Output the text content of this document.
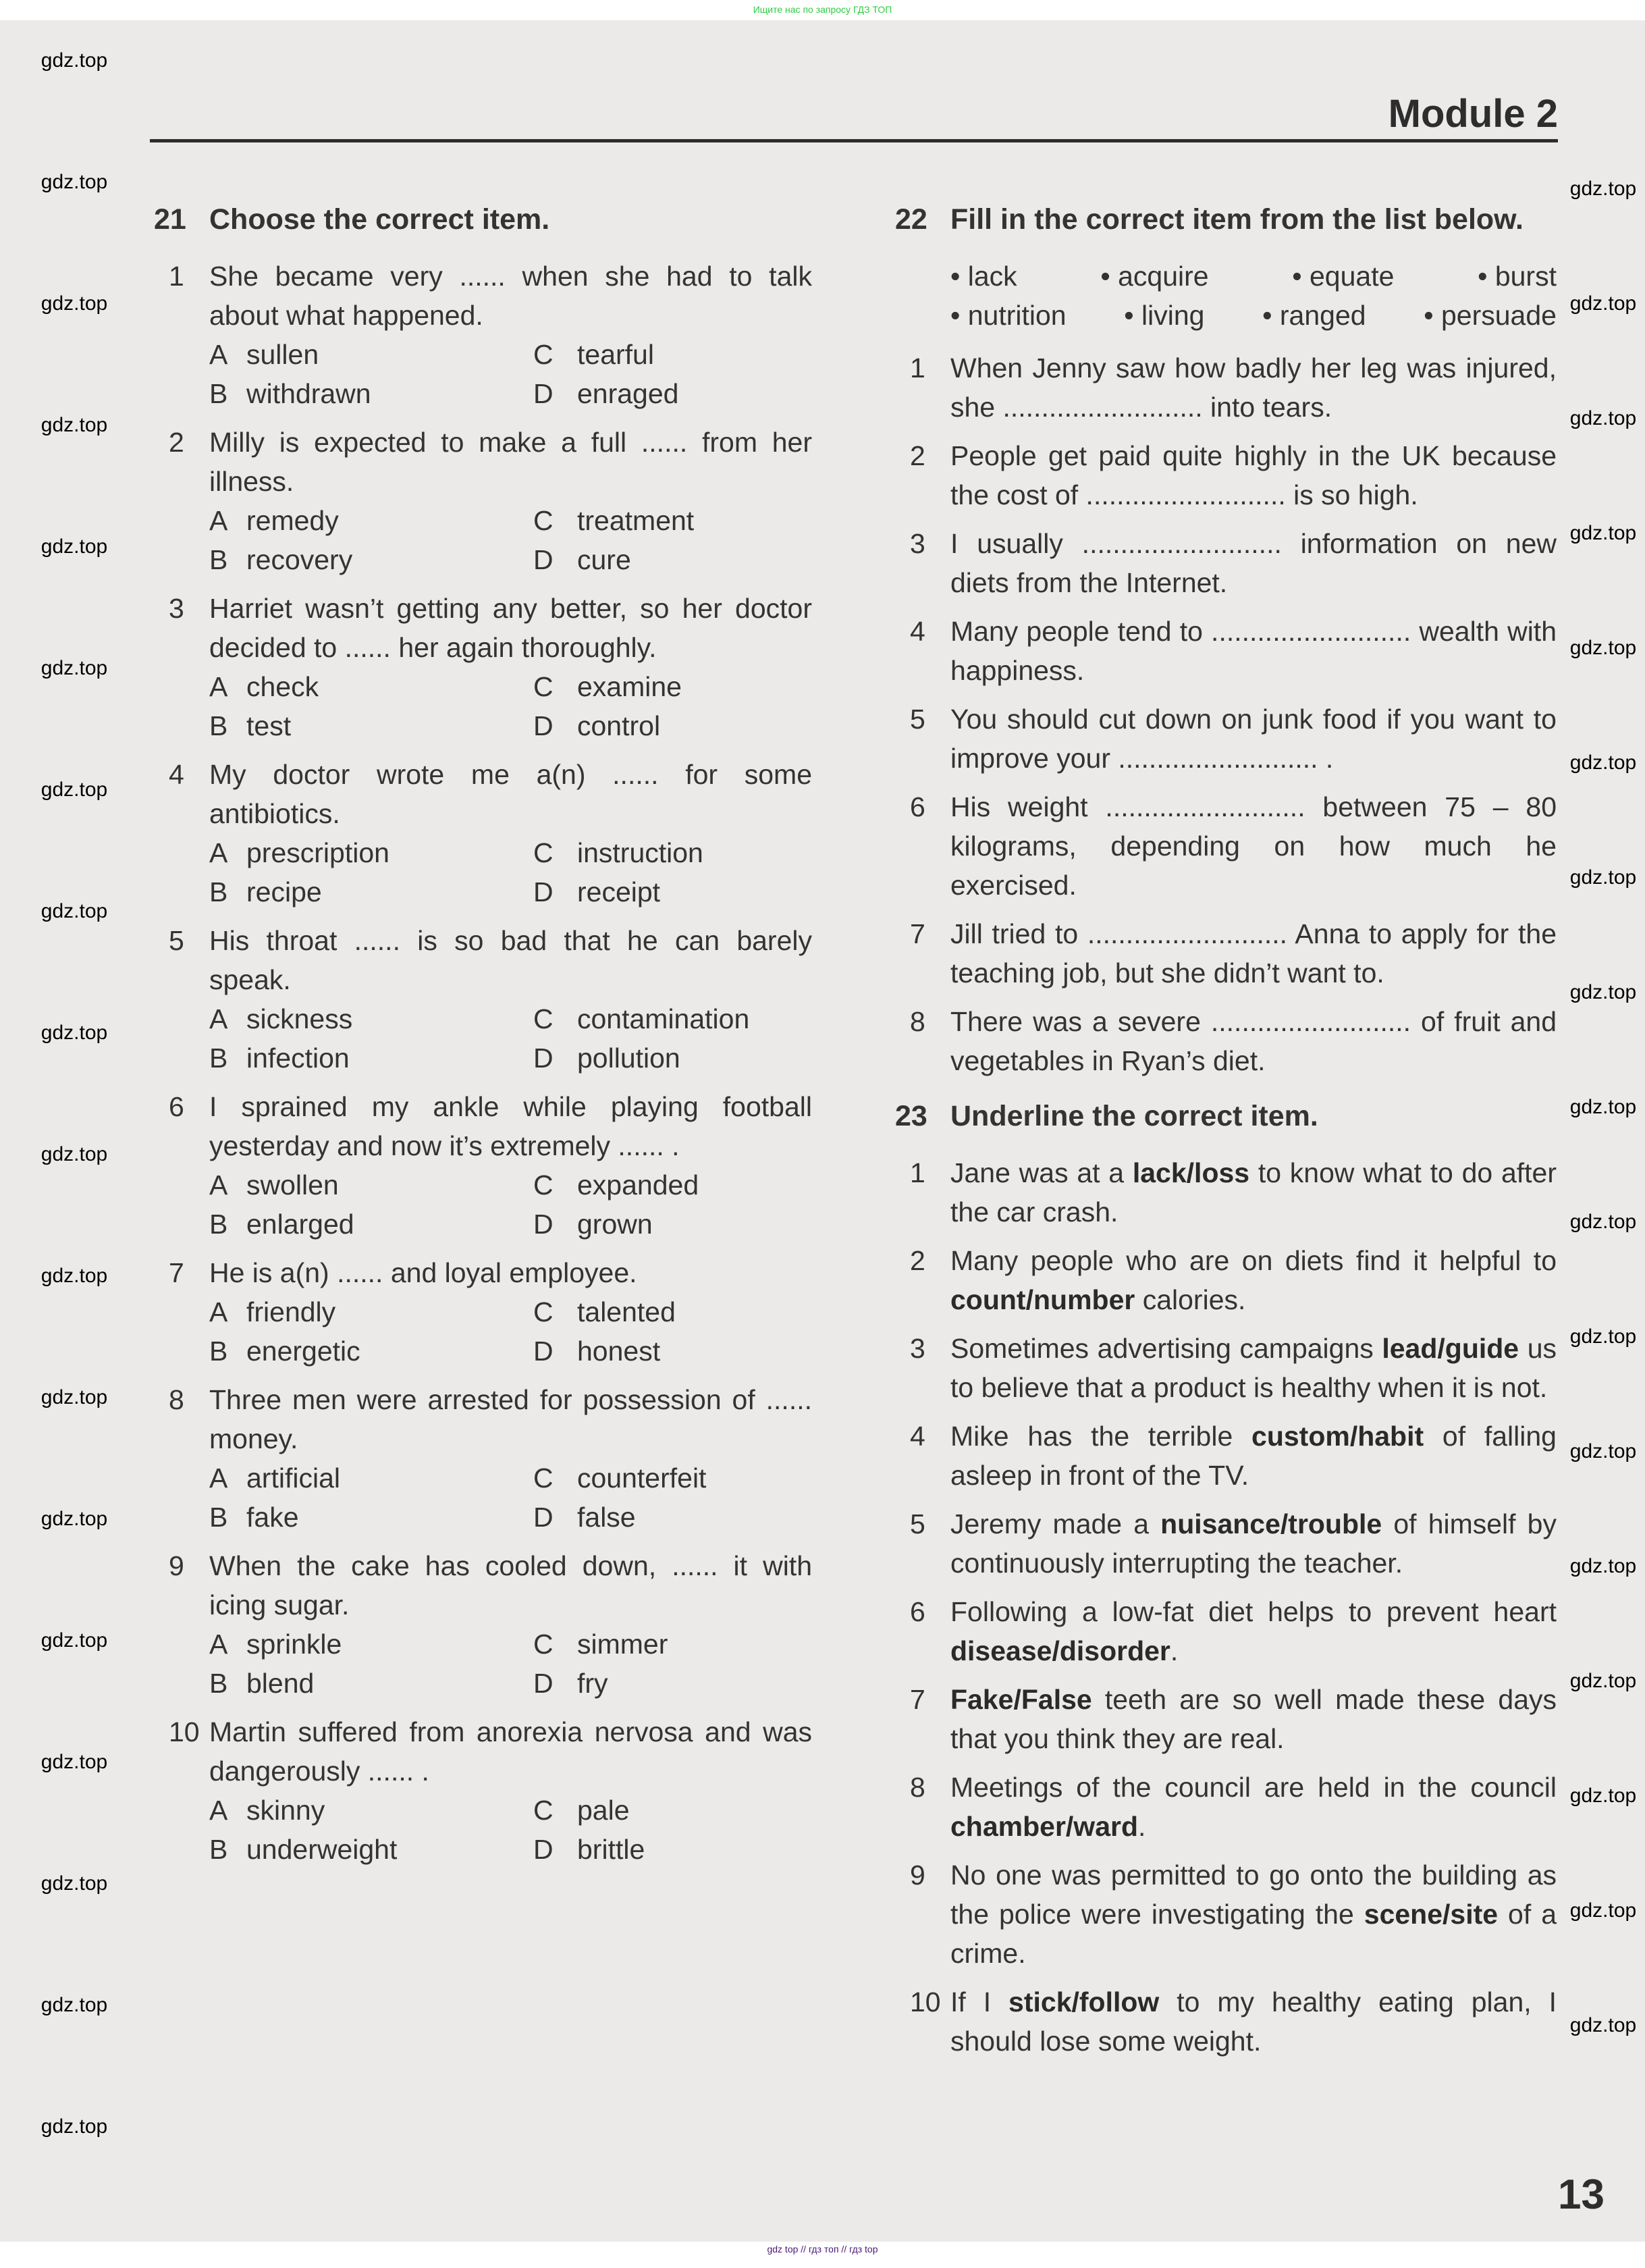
Ищите нас по запросу ГДЗ ТОП
Module 2
21 Choose the correct item.
1 She became very ...... when she had to talk about what happened.
A sullen	C tearful
B withdrawn	D enraged
2 Milly is expected to make a full ...... from her illness.
A remedy	C treatment
B recovery	D cure
3 Harriet wasn’t getting any better, so her doctor decided to ...... her again thoroughly.
A check	C examine
B test	D control
4 My doctor wrote me a(n) ...... for some antibiotics.
A prescription	C instruction
B recipe	D receipt
5 His throat ...... is so bad that he can barely speak.
A sickness	C contamination
B infection	D pollution
6 I sprained my ankle while playing football yesterday and now it’s extremely ...... .
A swollen	C expanded
B enlarged	D grown
7 He is a(n) ...... and loyal employee.
A friendly	C talented
B energetic	D honest
8 Three men were arrested for possession of ...... money.
A artificial	C counterfeit
B fake	D false
9 When the cake has cooled down, ...... it with icing sugar.
A sprinkle	C simmer
B blend	D fry
10 Martin suffered from anorexia nervosa and was dangerously ...... .
A skinny	C pale
B underweight	D brittle
22 Fill in the correct item from the list below.
• lack	• acquire	• equate	• burst
• nutrition • living • ranged • persuade
1 When Jenny saw how badly her leg was injured, she .......................... into tears.
2 People get paid quite highly in the UK because the cost of .......................... is so high.
3 I usually .......................... information on new diets from the Internet.
4 Many people tend to .......................... wealth with happiness.
5 You should cut down on junk food if you want to improve your .......................... .
6 His weight .......................... between 75 – 80 kilograms, depending on how much he exercised.
7 Jill tried to .......................... Anna to apply for the teaching job, but she didn’t want to.
8 There was a severe .......................... of fruit and vegetables in Ryan’s diet.
23 Underline the correct item.
1 Jane was at a lack/loss to know what to do after the car crash.
2 Many people who are on diets find it helpful to count/number calories.
3 Sometimes advertising campaigns lead/guide us to believe that a product is healthy when it is not.
4 Mike has the terrible custom/habit of falling asleep in front of the TV.
5 Jeremy made a nuisance/trouble of himself by continuously interrupting the teacher.
6 Following a low-fat diet helps to prevent heart disease/disorder.
7 Fake/False teeth are so well made these days that you think they are real.
8 Meetings of the council are held in the council chamber/ward.
9 No one was permitted to go onto the building as the police were investigating the scene/site of a crime.
10 If I stick/follow to my healthy eating plan, I should lose some weight.
13
gdz top // гдз топ // гдз top
gdz.top
gdz.top
gdz.top
gdz.top
gdz.top
gdz.top
gdz.top
gdz.top
gdz.top
gdz.top
gdz.top
gdz.top
gdz.top
gdz.top
gdz.top
gdz.top
gdz.top
gdz.top
gdz.top
gdz.top
gdz.top
gdz.top
gdz.top
gdz.top
gdz.top
gdz.top
gdz.top
gdz.top
gdz.top
gdz.top
gdz.top
gdz.top
gdz.top
gdz.top
gdz.top
